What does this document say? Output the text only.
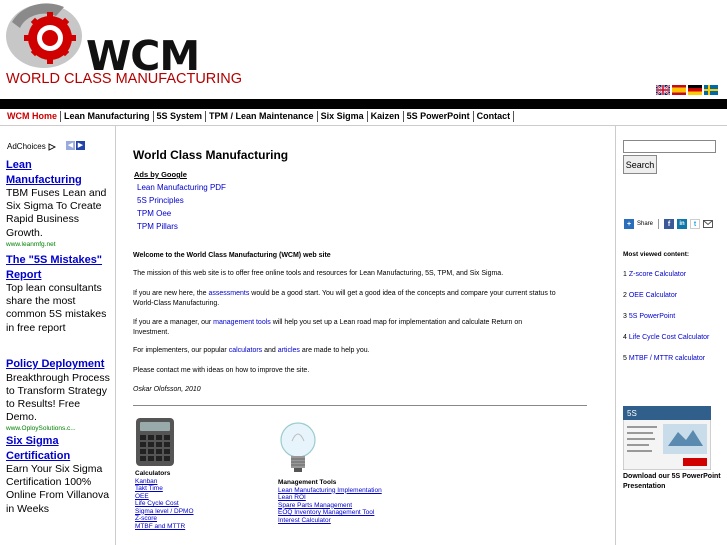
WCM
WORLD CLASS MANUFACTURING
WCM Home Lean Manufacturing 5S System TPM / Lean Maintenance Six Sigma Kaizen 5S PowerPoint Contact
AdChoices	◀ ▶
Lean Manufacturing
TBM Fuses Lean and Six Sigma To Create Rapid Business Growth.
www.leanmfg.net
The "5S Mistakes" Report
Top lean consultants share the most common 5S mistakes in free report
Policy Deployment
Breakthrough Process to Transform Strategy to Results! Free Demo.
www.OploySolutions.c...
Six Sigma Certification
Earn Your Six Sigma Certification 100% Online From Villanova in Weeks
World Class Manufacturing
Ads by Google
Lean Manufacturing PDF
5S Principles
TPM Oee
TPM Pillars
Welcome to the World Class Manufacturing (WCM) web site
The mission of this web site is to offer free online tools and resources for Lean Manufacturing, 5S, TPM, and Six Sigma.
If you are new here, the assessments would be a good start. You will get a good idea of the concepts and compare your current status to World-Class Manufacturing.
If you are a manager, our management tools will help you set up a Lean road map for implementation and calculate Return on Investment.
For implementers, our popular calculators and articles are made to help you.
Please contact me with ideas on how to improve the site.
Oskar Olofsson, 2010
Calculators
Kanban
Takt Time
OEE
Life Cycle Cost
Sigma level / DPMO
Z-score
MTBF and MTTR
Management Tools
Lean Manufacturing Implementation
Lean ROI
Spare Parts Management
EOQ Inventory Management Tool
Interest Calculator
Search
+ Share	f	in	t
Most viewed content:
1 Z-score Calculator
2 OEE Calculator
3 5S PowerPoint
4 Life Cycle Cost Calculator
5 MTBF / MTTR calculator
5S
Download our 5S PowerPoint Presentation
